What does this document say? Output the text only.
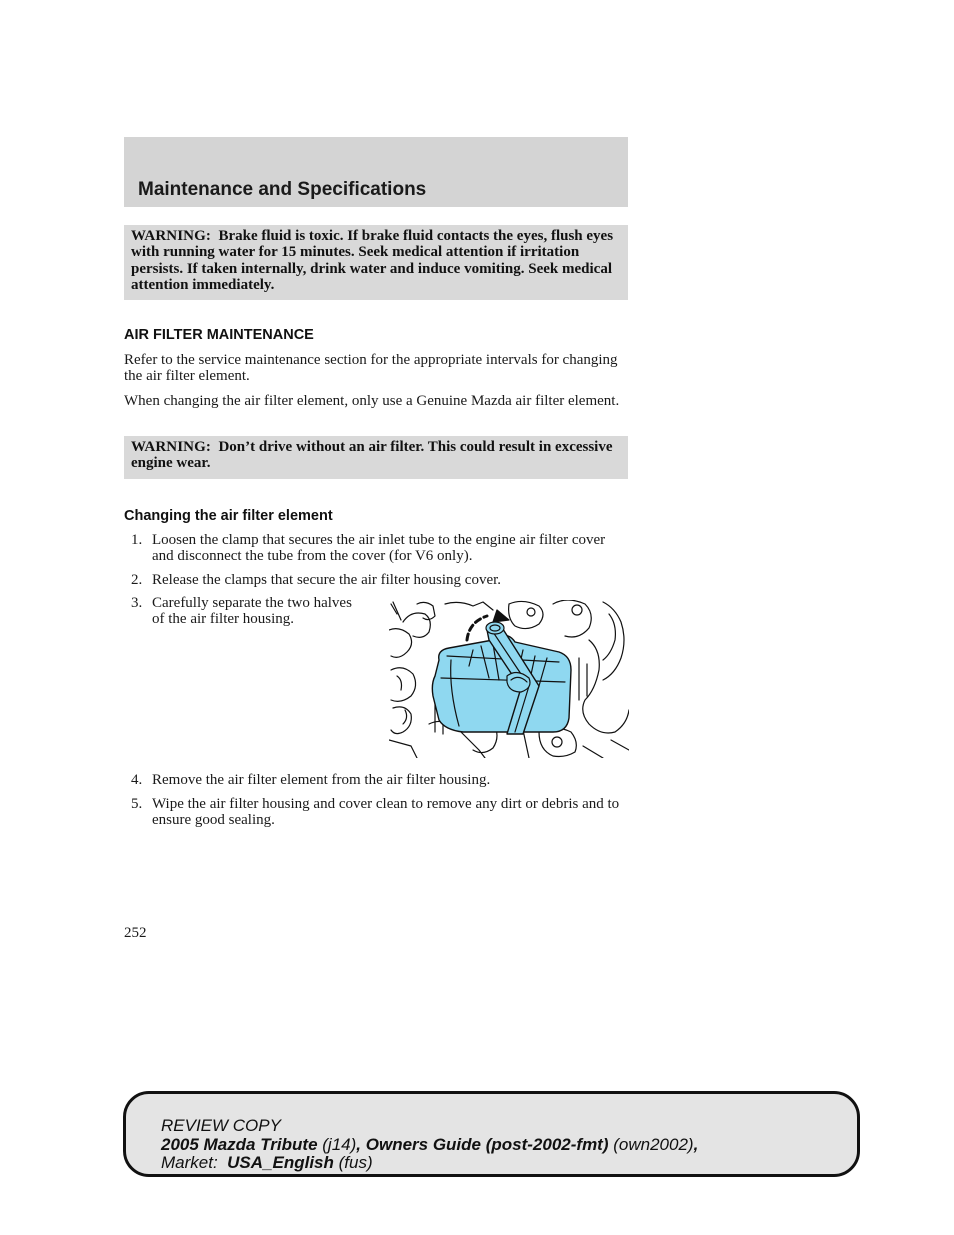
Maintenance and Specifications
WARNING: Brake fluid is toxic. If brake fluid contacts the eyes, flush eyes with running water for 15 minutes. Seek medical attention if irritation persists. If taken internally, drink water and induce vomiting. Seek medical attention immediately.
AIR FILTER MAINTENANCE

Refer to the service maintenance section for the appropriate intervals for changing the air filter element.

When changing the air filter element, only use a Genuine Mazda air filter element.

WARNING: Don’t drive without an air filter. This could result in excessive engine wear.
Changing the air filter element
1. Loosen the clamp that secures the air inlet tube to the engine air filter cover and disconnect the tube from the cover (for V6 only).
2. Release the clamps that secure the air filter housing cover.
3. Carefully separate the two halves of the air filter housing.
4. Remove the air filter element from the air filter housing.
5. Wipe the air filter housing and cover clean to remove any dirt or debris and to ensure good sealing.
252
REVIEW COPY
2005 Mazda Tribute (j14), Owners Guide (post-2002-fmt) (own2002),
Market: USA_English (fus)
